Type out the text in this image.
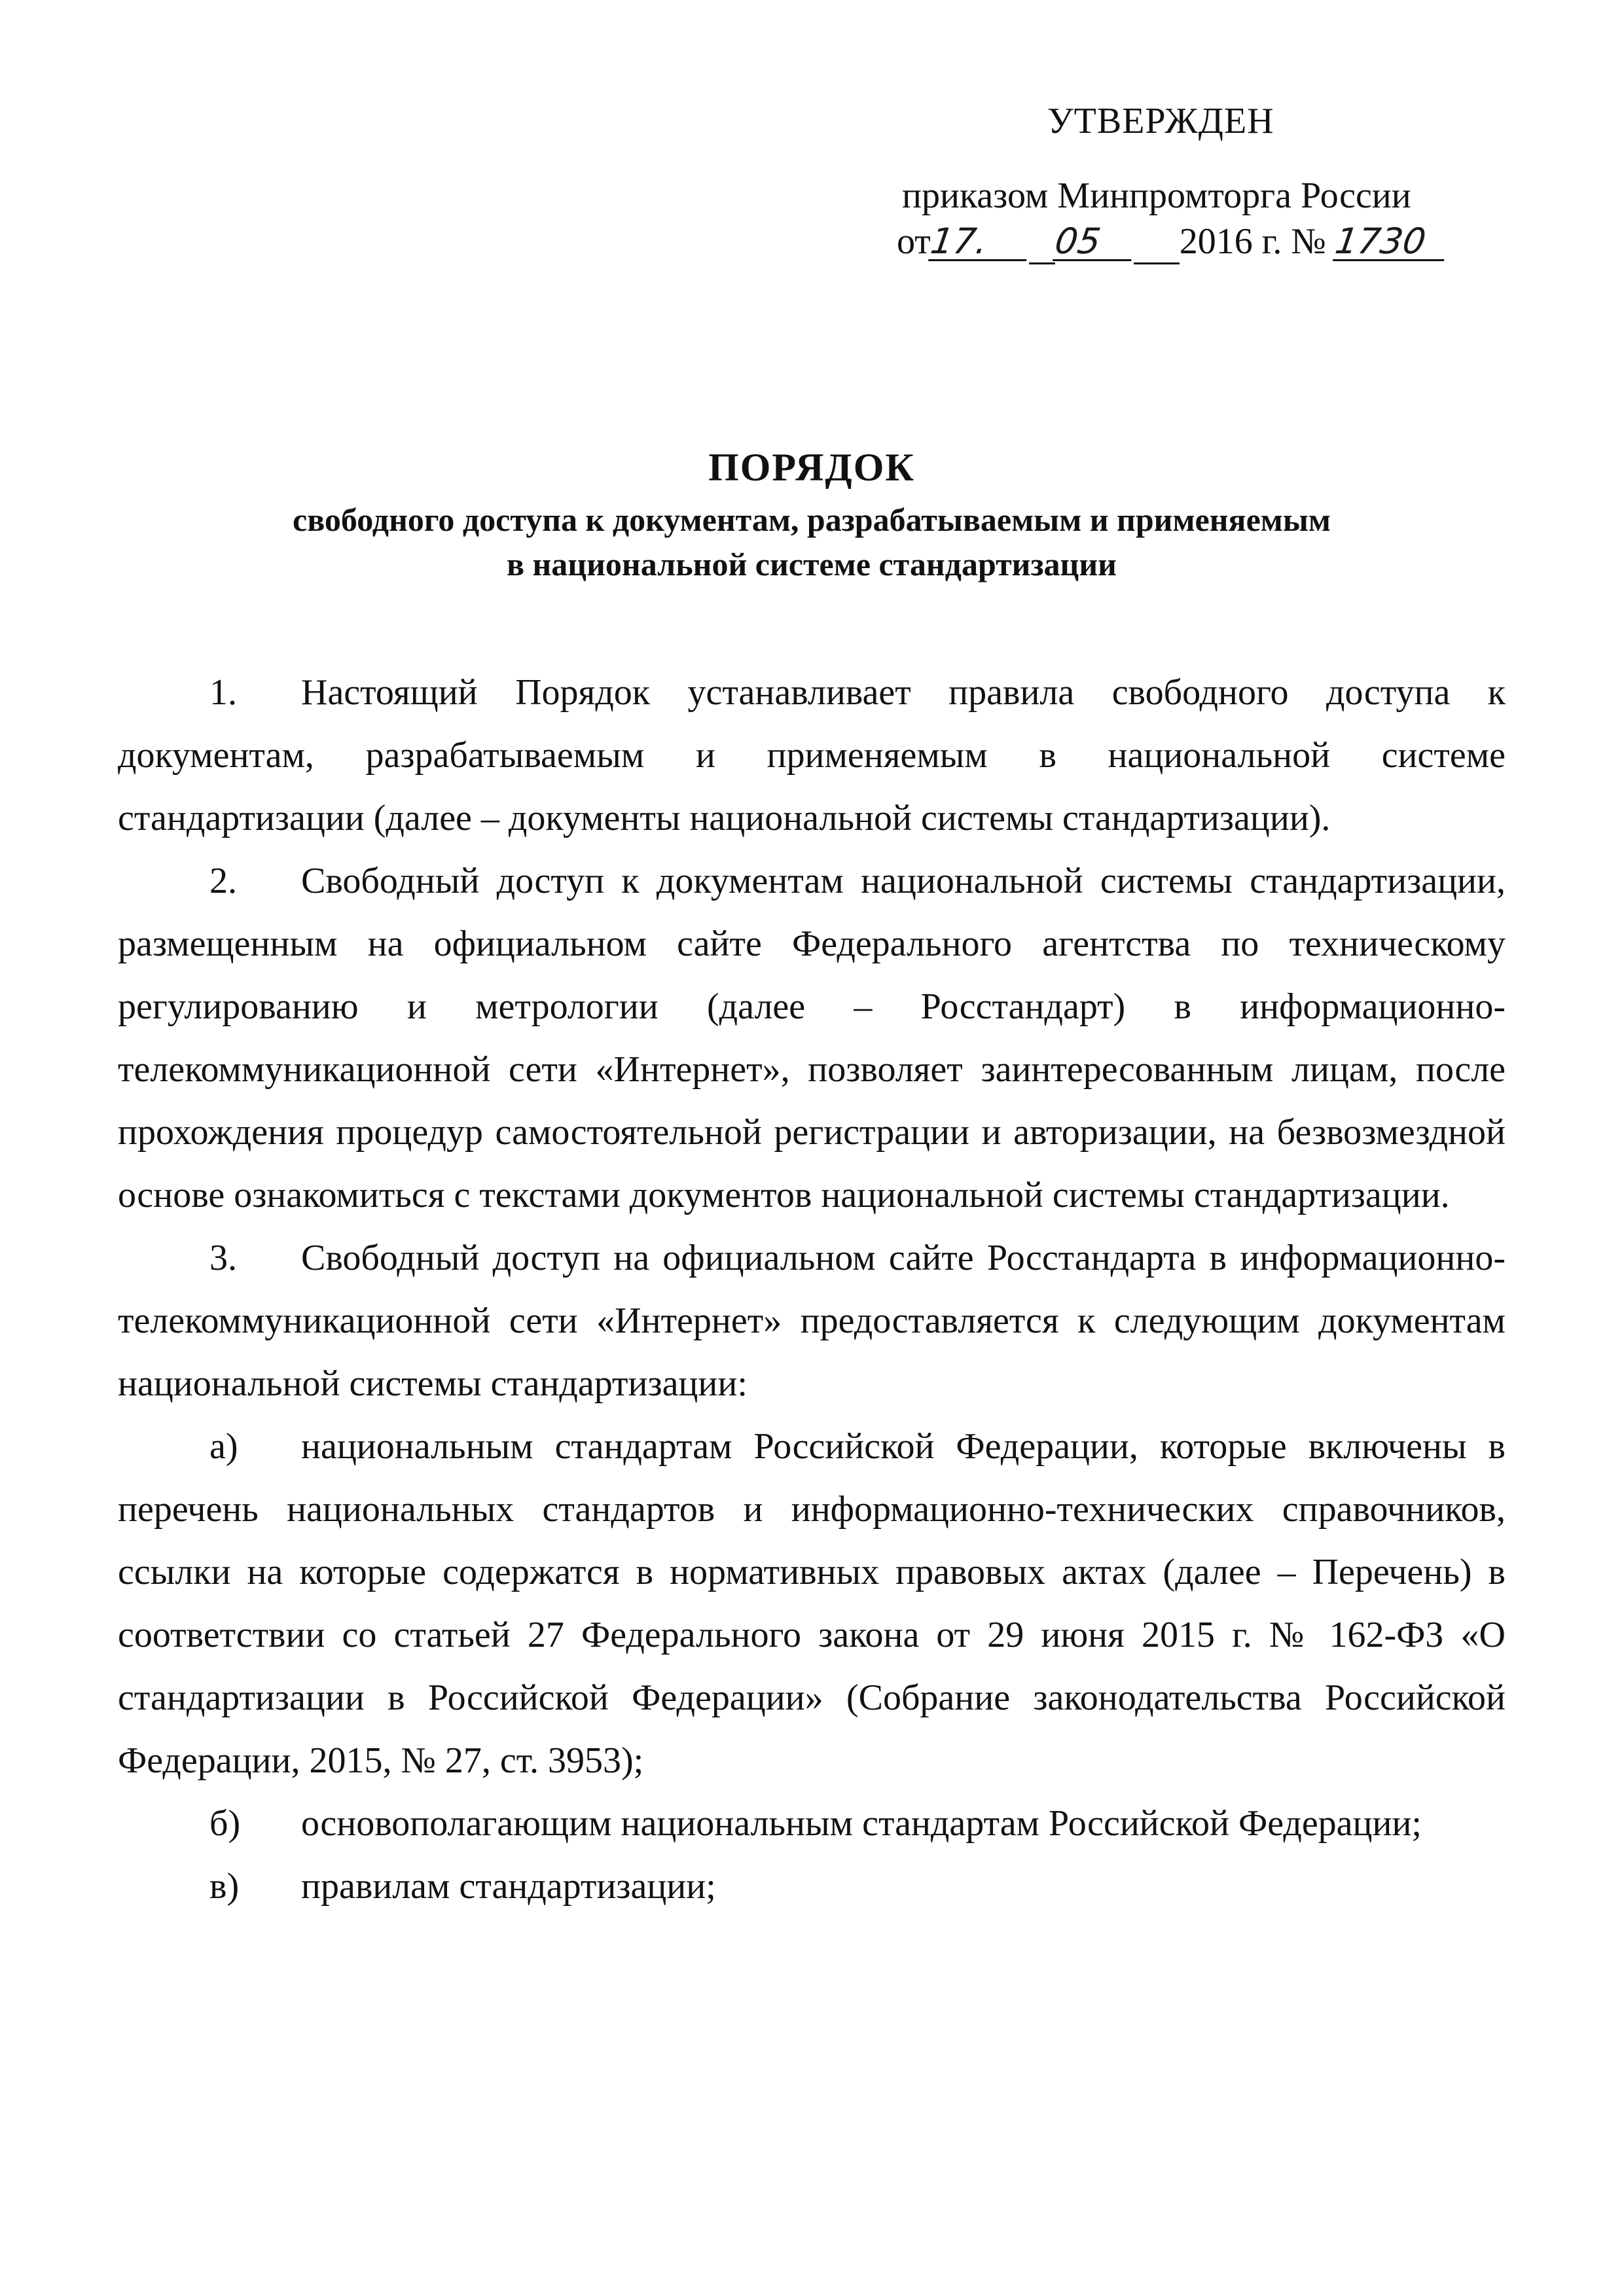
УТВЕРЖДЕН
приказом Минпромторга России
от17. 05 2016 г. № 1730
ПОРЯДОК
свободного доступа к документам, разрабатываемым и применяемым
в национальной системе стандартизации

1. Настоящий Порядок устанавливает правила свободного доступа к документам, разрабатываемым и применяемым в национальной системе стандартизации (далее – документы национальной системы стандартизации).

2. Свободный доступ к документам национальной системы стандартизации, размещенным на официальном сайте Федерального агентства по техническому регулированию и метрологии (далее – Росстандарт) в информационно-телекоммуникационной сети «Интернет», позволяет заинтересованным лицам, после прохождения процедур самостоятельной регистрации и авторизации, на безвозмездной основе ознакомиться с текстами документов национальной системы стандартизации.

3. Свободный доступ на официальном сайте Росстандарта в информационно-телекоммуникационной сети «Интернет» предоставляется к следующим документам национальной системы стандартизации:

а) национальным стандартам Российской Федерации, которые включены в перечень национальных стандартов и информационно-технических справочников, ссылки на которые содержатся в нормативных правовых актах (далее – Перечень) в соответствии со статьей 27 Федерального закона от 29 июня 2015 г. № 162-ФЗ «О стандартизации в Российской Федерации» (Собрание законодательства Российской Федерации, 2015, № 27, ст. 3953);

б) основополагающим национальным стандартам Российской Федерации;

в) правилам стандартизации;
